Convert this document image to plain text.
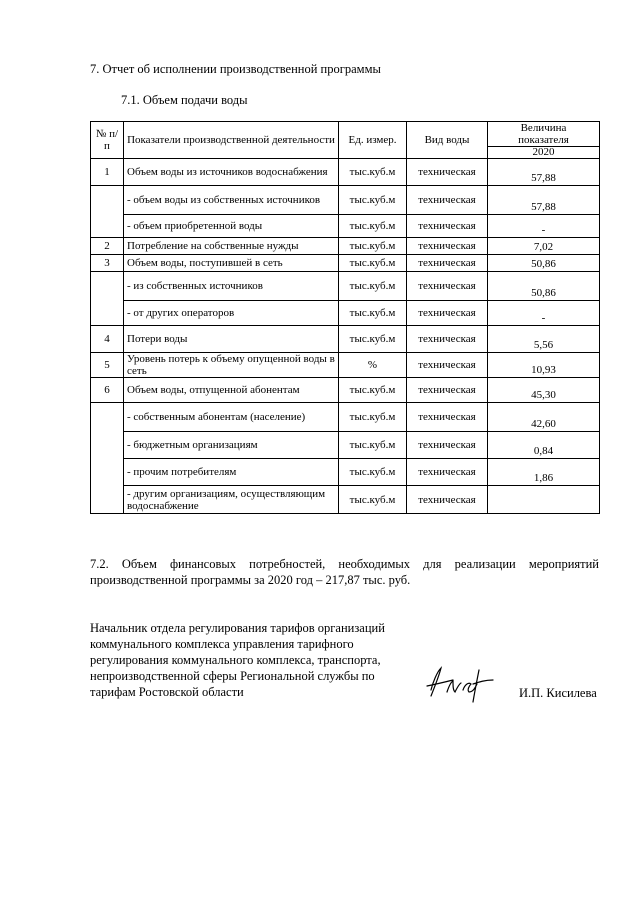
7. Отчет об исполнении производственной программы
7.1. Объем подачи воды
№ п/п	Показатели производственной деятельности	Ед. измер.	Вид воды	Величина показателя
				2020
1	Объем воды из источников водоснабжения	тыс.куб.м	техническая	57,88
	- объем воды из собственных источников	тыс.куб.м	техническая	57,88
	- объем приобретенной воды	тыс.куб.м	техническая	-
2	Потребление на собственные нужды	тыс.куб.м	техническая	7,02
3	Объем воды, поступившей в сеть	тыс.куб.м	техническая	50,86
	- из собственных источников	тыс.куб.м	техническая	50,86
	- от других операторов	тыс.куб.м	техническая	-
4	Потери воды	тыс.куб.м	техническая	5,56
5	Уровень потерь к объему опущенной воды в сеть	%	техническая	10,93
6	Объем воды, отпущенной абонентам	тыс.куб.м	техническая	45,30
	- собственным абонентам (население)	тыс.куб.м	техническая	42,60
	- бюджетным организациям	тыс.куб.м	техническая	0,84
	- прочим потребителям	тыс.куб.м	техническая	1,86
	- другим организациям, осуществляющим водоснабжение	тыс.куб.м	техническая	
7.2. Объем финансовых потребностей, необходимых для реализации мероприятий производственной программы за 2020 год – 217,87 тыс. руб.
Начальник отдела регулирования тарифов организаций коммунального комплекса управления тарифного регулирования коммунального комплекса, транспорта, непроизводственной сферы Региональной службы по тарифам Ростовской области	И.П. Кисилева
